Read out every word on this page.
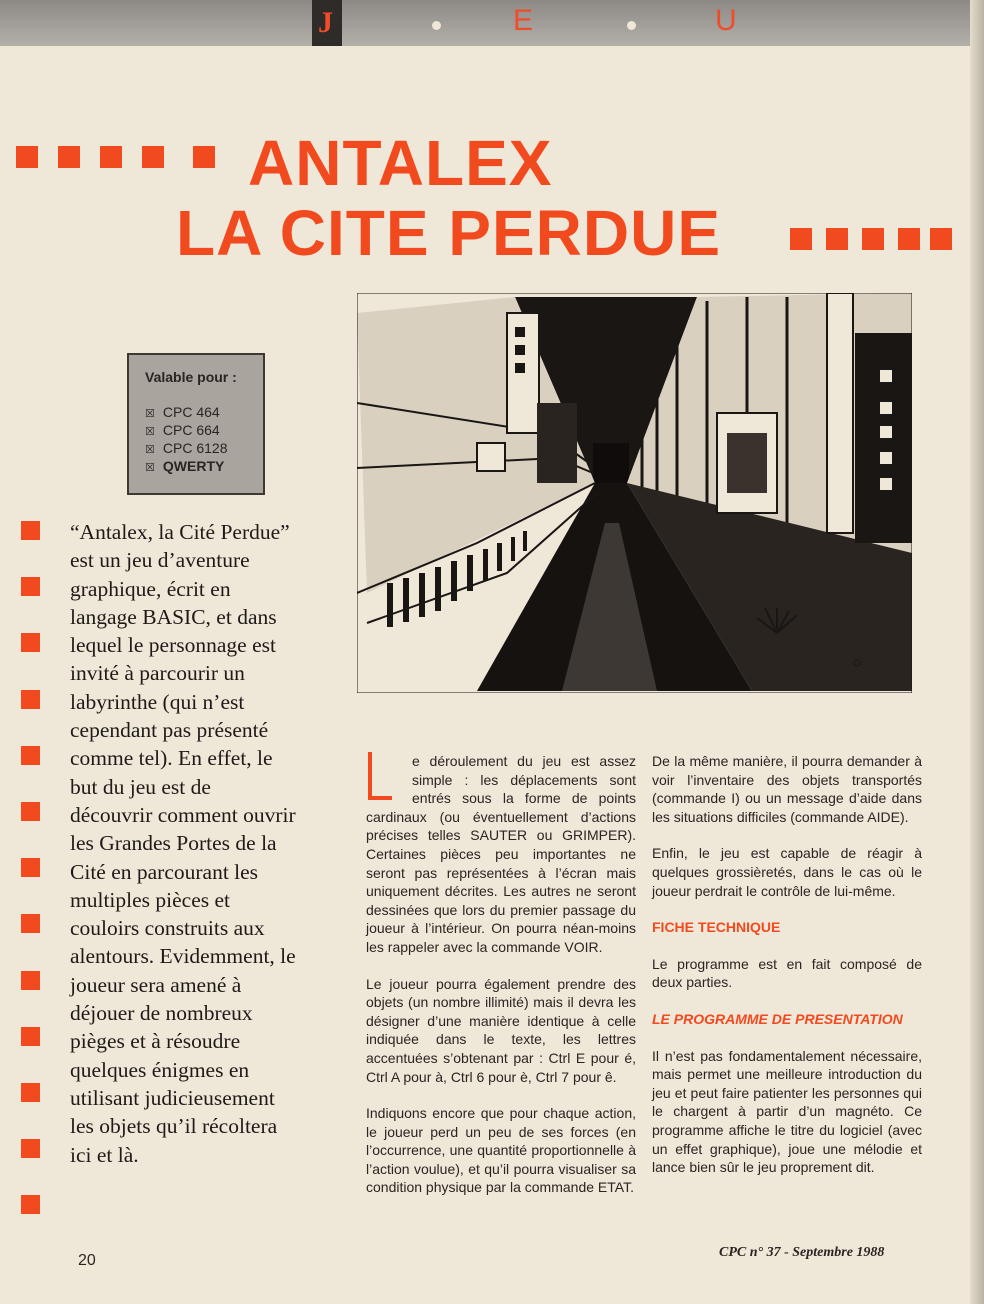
J	E	U
ANTALEX
LA CITE PERDUE
Valable pour :
☒ CPC 464
☒ CPC 664
☒ CPC 6128
☒ QWERTY

“Antalex, la Cité Perdue” est un jeu d’aventure graphique, écrit en langage BASIC, et dans lequel le personnage est invité à parcourir un labyrinthe (qui n’est cependant pas présenté comme tel). En effet, le but du jeu est de découvrir comment ouvrir les Grandes Portes de la Cité en parcourant les multiples pièces et couloirs construits aux alentours. Evidemment, le joueur sera amené à déjouer de nombreux pièges et à résoudre quelques énigmes en utilisant judicieusement les objets qu’il récoltera ici et là.

e déroulement du jeu est assez simple : les déplacements sont entrés sous la forme de points cardinaux (ou éventuellement d’actions précises telles SAUTER ou GRIMPER). Certaines pièces peu importantes ne seront pas représentées à l’écran mais uniquement décrites. Les autres ne seront dessinées que lors du premier passage du joueur à l’intérieur. On pourra néan-moins les rappeler avec la commande VOIR.

Le joueur pourra également prendre des objets (un nombre illimité) mais il devra les désigner d’une manière identique à celle indiquée dans le texte, les lettres accentuées s’obtenant par : Ctrl E pour é, Ctrl A pour à, Ctrl 6 pour è, Ctrl 7 pour ê.

Indiquons encore que pour chaque action, le joueur perd un peu de ses forces (en l’occurrence, une quantité proportionnelle à l’action voulue), et qu’il pourra visualiser sa condition physique par la commande ETAT.

De la même manière, il pourra demander à voir l’inventaire des objets transportés (commande I) ou un message d’aide dans les situations difficiles (commande AIDE).

Enfin, le jeu est capable de réagir à quelques grossièretés, dans le cas où le joueur perdrait le contrôle de lui-même.

FICHE TECHNIQUE

Le programme est en fait composé de deux parties.

LE PROGRAMME DE PRESENTATION

Il n’est pas fondamentalement nécessaire, mais permet une meilleure introduction du jeu et peut faire patienter les personnes qui le chargent à partir d’un magnéto. Ce programme affiche le titre du logiciel (avec un effet graphique), joue une mélodie et lance bien sûr le jeu proprement dit.

20	CPC n° 37 - Septembre 1988
